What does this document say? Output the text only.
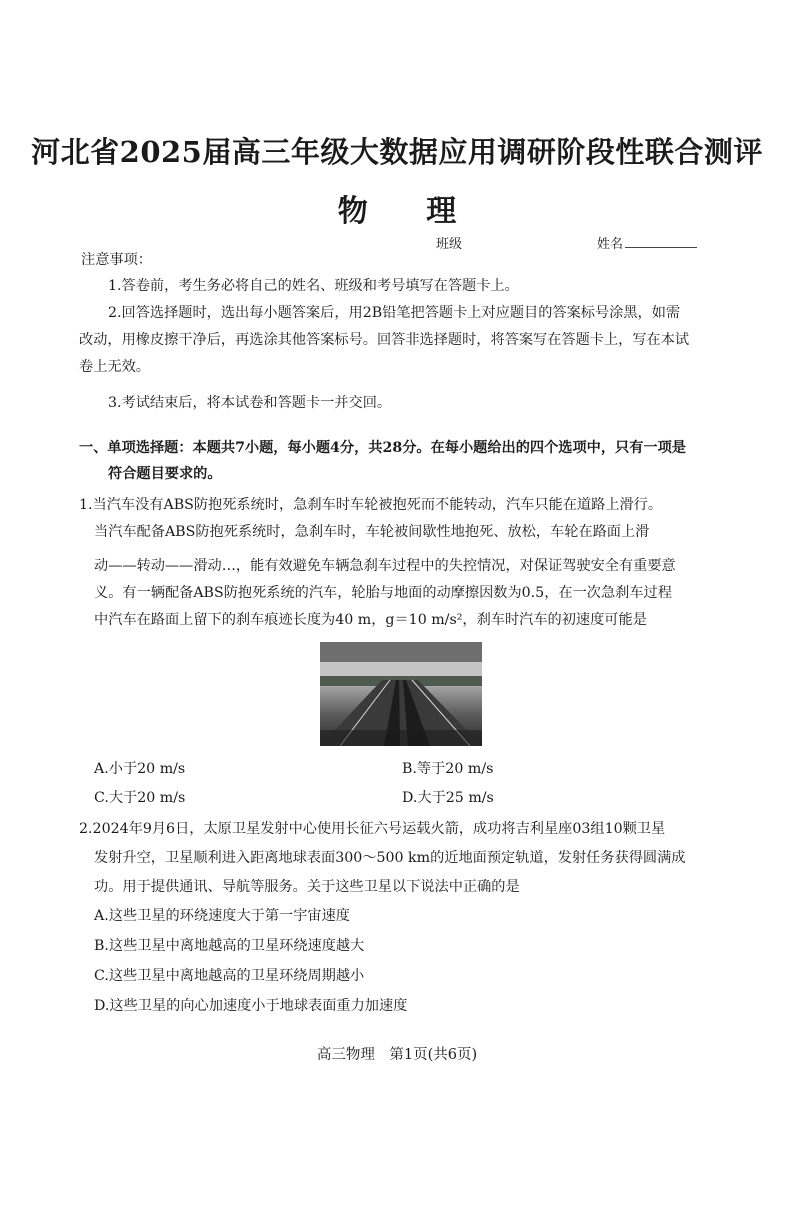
河北省2025届高三年级大数据应用调研阶段性联合测评
物 理
班级	姓名
注意事项：
1.答卷前，考生务必将自己的姓名、班级和考号填写在答题卡上。
2.回答选择题时，选出每小题答案后，用2B铅笔把答题卡上对应题目的答案标号涂黑，如需
改动，用橡皮擦干净后，再选涂其他答案标号。回答非选择题时，将答案写在答题卡上，写在本试
卷上无效。
3.考试结束后，将本试卷和答题卡一并交回。
一、单项选择题：本题共7小题，每小题4分，共28分。在每小题给出的四个选项中，只有一项是
符合题目要求的。
1.当汽车没有ABS防抱死系统时，急刹车时车轮被抱死而不能转动，汽车只能在道路上滑行。
当汽车配备ABS防抱死系统时，急刹车时，车轮被间歇性地抱死、放松，车轮在路面上滑
动——转动——滑动…，能有效避免车辆急刹车过程中的失控情况，对保证驾驶安全有重要意
义。有一辆配备ABS防抱死系统的汽车，轮胎与地面的动摩擦因数为0.5，在一次急刹车过程
中汽车在路面上留下的刹车痕迹长度为40 m，g＝10 m/s²，刹车时汽车的初速度可能是
A.小于20 m/s	B.等于20 m/s
C.大于20 m/s	D.大于25 m/s
2.2024年9月6日，太原卫星发射中心使用长征六号运载火箭，成功将吉利星座03组10颗卫星
发射升空，卫星顺利进入距离地球表面300～500 km的近地面预定轨道，发射任务获得圆满成
功。用于提供通讯、导航等服务。关于这些卫星以下说法中正确的是
A.这些卫星的环绕速度大于第一宇宙速度
B.这些卫星中离地越高的卫星环绕速度越大
C.这些卫星中离地越高的卫星环绕周期越小
D.这些卫星的向心加速度小于地球表面重力加速度
高三物理　第1页(共6页)
